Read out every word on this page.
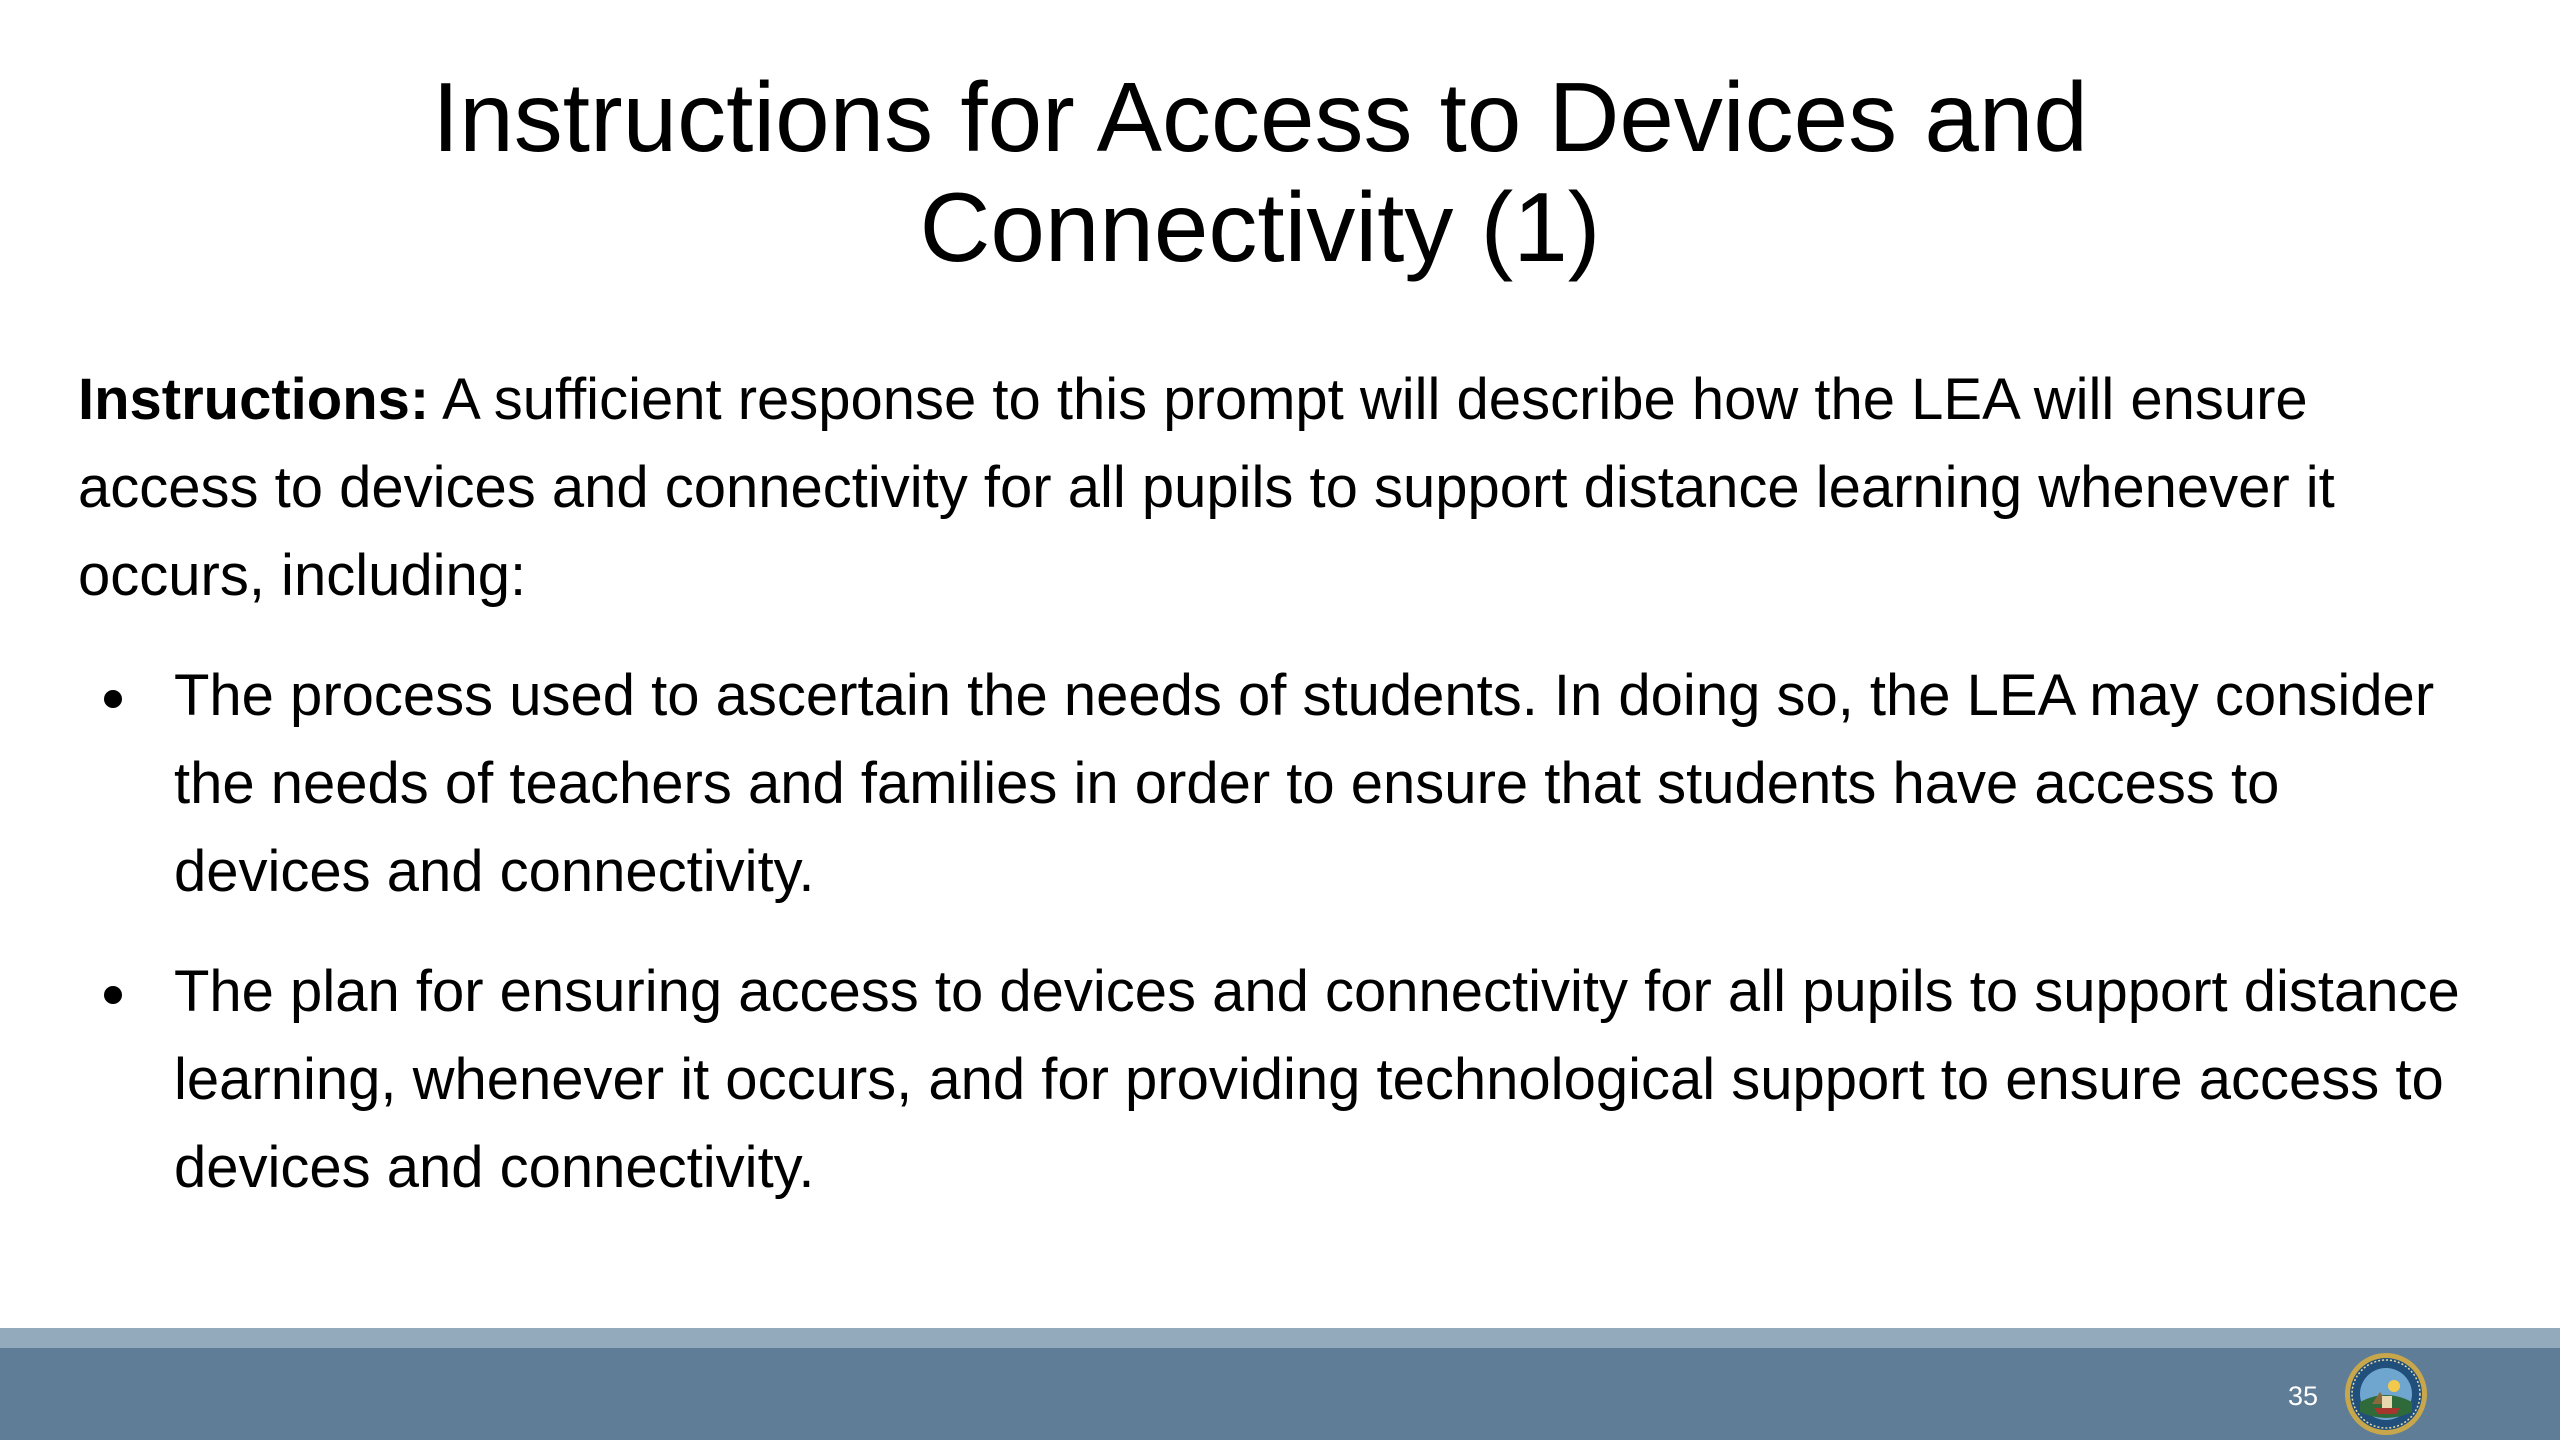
Instructions for Access to Devices and
Connectivity (1)

Instructions: A sufficient response to this prompt will describe how the LEA will ensure access to devices and connectivity for all pupils to support distance learning whenever it occurs, including:

The process used to ascertain the needs of students. In doing so, the LEA may consider the needs of teachers and families in order to ensure that students have access to devices and connectivity.
The plan for ensuring access to devices and connectivity for all pupils to support distance learning, whenever it occurs, and for providing technological support to ensure access to devices and connectivity.
35
